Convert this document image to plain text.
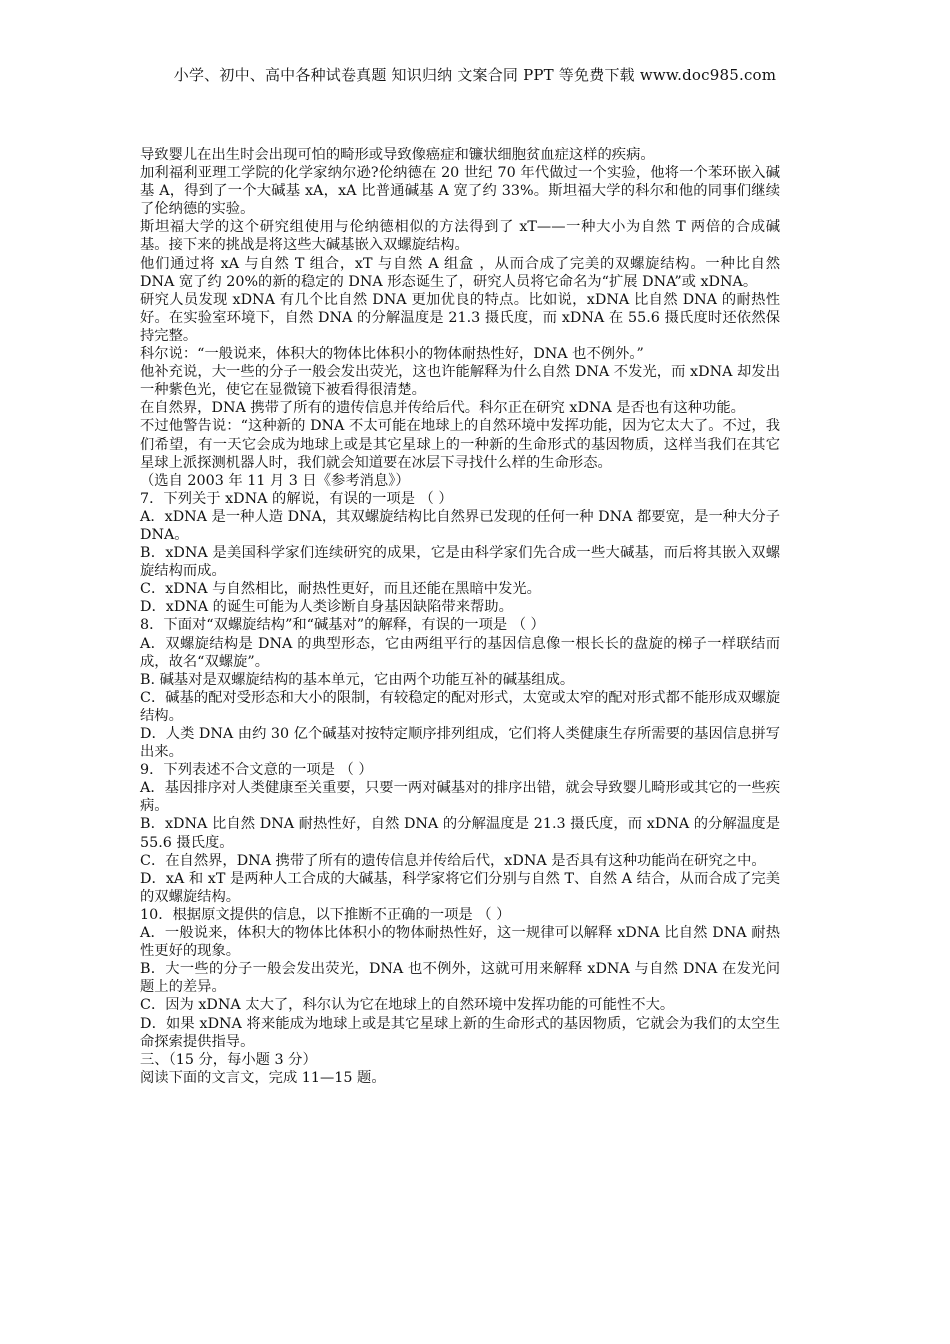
小学、初中、高中各种试卷真题 知识归纳 文案合同 PPT 等免费下载 www.doc985.com

导致婴儿在出生时会出现可怕的畸形或导致像癌症和镰状细胞贫血症这样的疾病。

加利福利亚理工学院的化学家纳尔逊?伦纳德在 20 世纪 70 年代做过一个实验，他将一个苯环嵌入碱基 A，得到了一个大碱基 xA，xA 比普通碱基 A 宽了约 33%。斯坦福大学的科尔和他的同事们继续了伦纳德的实验。

斯坦福大学的这个研究组使用与伦纳德相似的方法得到了 xT——一种大小为自然 T 两倍的合成碱基。接下来的挑战是将这些大碱基嵌入双螺旋结构。

他们通过将 xA 与自然 T 组合，xT 与自然 A 组盒 ，从而合成了完美的双螺旋结构。一种比自然 DNA 宽了约 20%的新的稳定的 DNA 形态诞生了，研究人员将它命名为“扩展 DNA”或 xDNA。

研究人员发现 xDNA 有几个比自然 DNA 更加优良的特点。比如说，xDNA 比自然 DNA 的耐热性好。在实验室环境下，自然 DNA 的分解温度是 21.3 摄氏度，而 xDNA 在 55.6 摄氏度时还依然保持完整。

科尔说：“一般说来，体积大的物体比体积小的物体耐热性好，DNA 也不例外。”

他补充说，大一些的分子一般会发出荧光，这也许能解释为什么自然 DNA 不发光，而 xDNA 却发出一种紫色光，使它在显微镜下被看得很清楚。

在自然界，DNA 携带了所有的遗传信息并传给后代。科尔正在研究 xDNA 是否也有这种功能。

不过他警告说：“这种新的 DNA 不太可能在地球上的自然环境中发挥功能，因为它太大了。不过，我们希望，有一天它会成为地球上或是其它星球上的一种新的生命形式的基因物质，这样当我们在其它星球上派探测机器人时，我们就会知道要在冰层下寻找什么样的生命形态。

（选自 2003 年 11 月 3 日《参考消息》）

7．下列关于 xDNA 的解说，有误的一项是 （ ）

A．xDNA 是一种人造 DNA，其双螺旋结构比自然界已发现的任何一种 DNA 都要宽，是一种大分子 DNA。

B．xDNA 是美国科学家们连续研究的成果，它是由科学家们先合成一些大碱基，而后将其嵌入双螺旋结构而成。

C．xDNA 与自然相比，耐热性更好，而且还能在黑暗中发光。

D．xDNA 的诞生可能为人类诊断自身基因缺陷带来帮助。

8．下面对“双螺旋结构”和“碱基对”的解释，有误的一项是 （ ）

A．双螺旋结构是 DNA 的典型形态，它由两组平行的基因信息像一根长长的盘旋的梯子一样联结而成，故名“双螺旋”。

B. 碱基对是双螺旋结构的基本单元，它由两个功能互补的碱基组成。

C．碱基的配对受形态和大小的限制，有较稳定的配对形式，太宽或太窄的配对形式都不能形成双螺旋结构。

D．人类 DNA 由约 30 亿个碱基对按特定顺序排列组成，它们将人类健康生存所需要的基因信息拼写出来。

9．下列表述不合文意的一项是 （ ）

A．基因排序对人类健康至关重要，只要一两对碱基对的排序出错，就会导致婴儿畸形或其它的一些疾病。

B．xDNA 比自然 DNA 耐热性好，自然 DNA 的分解温度是 21.3 摄氏度，而 xDNA 的分解温度是 55.6 摄氏度。

C．在自然界，DNA 携带了所有的遗传信息并传给后代，xDNA 是否具有这种功能尚在研究之中。

D．xA 和 xT 是两种人工合成的大碱基，科学家将它们分别与自然 T、自然 A 结合，从而合成了完美的双螺旋结构。

10．根据原文提供的信息，以下推断不正确的一项是 （ ）

A．一般说来，体积大的物体比体积小的物体耐热性好，这一规律可以解释 xDNA 比自然 DNA 耐热性更好的现象。

B．大一些的分子一般会发出荧光，DNA 也不例外，这就可用来解释 xDNA 与自然 DNA 在发光问题上的差异。

C．因为 xDNA 太大了，科尔认为它在地球上的自然环境中发挥功能的可能性不大。

D．如果 xDNA 将来能成为地球上或是其它星球上新的生命形式的基因物质，它就会为我们的太空生命探索提供指导。

三、（15 分，每小题 3 分）

阅读下面的文言文，完成 11—15 题。
